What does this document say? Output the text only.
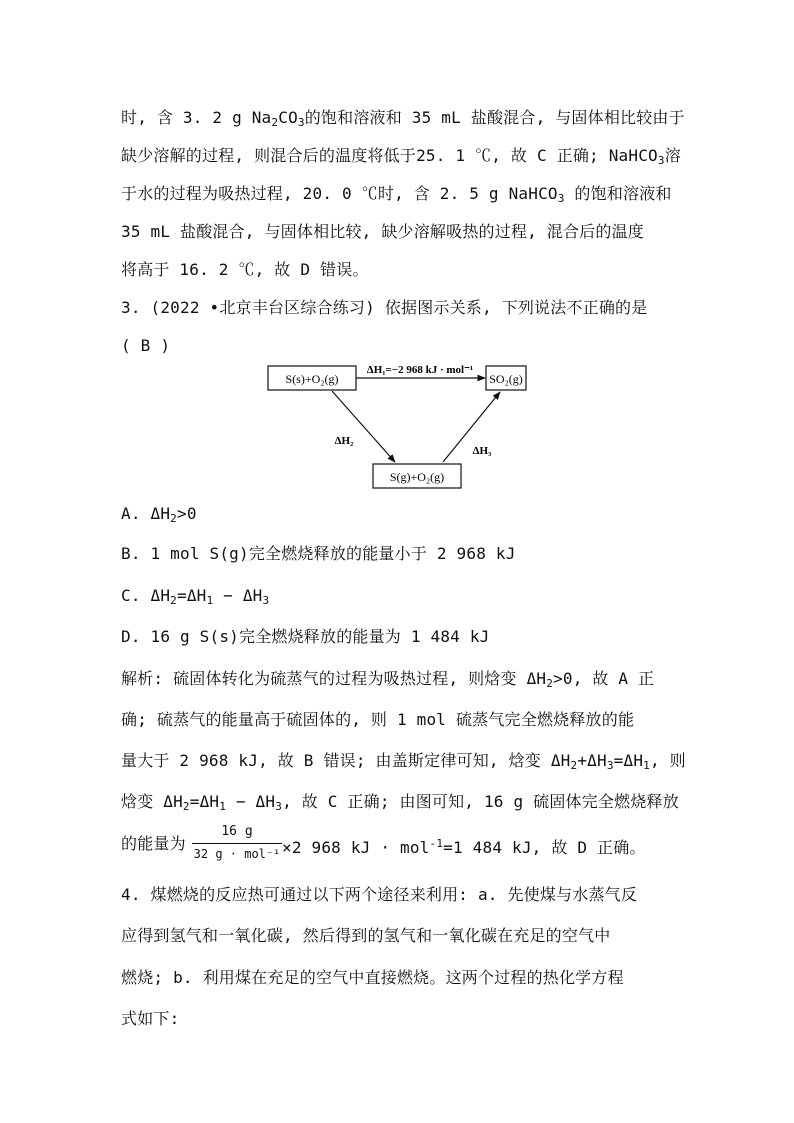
时, 含 3. 2 g $Na_2CO_3$的饱和溶液和 35 mL 盐酸混合, 与固体相比较由于
缺少溶解的过程, 则混合后的温度将低于25. 1 ℃, 故 C 正确; NaHCO$_3$溶
于水的过程为吸热过程, 20. 0 ℃时, 含 2. 5 g NaHCO$_3$ 的饱和溶液和
35 mL 盐酸混合, 与固体相比较, 缺少溶解吸热的过程, 混合后的温度
将高于 16. 2 ℃, 故 D 错误。
3. (2022 •北京丰台区综合练习) 依据图示关系, 下列说法不正确的是
( B )
S(s)+O₂(g)	SO₂(g)
S(g)+O₂(g)
ΔH₁=−2 968 kJ · mol⁻¹
ΔH₂
ΔH₃
A. $\Delta H_2>0$
B. 1 mol S(g)完全燃烧释放的能量小于 2 968 kJ
C. $\Delta H_2=\Delta H_1 - \Delta H_3$
D. 16 g S(s)完全燃烧释放的能量为 1 484 kJ
解析: 硫固体转化为硫蒸气的过程为吸热过程, 则焓变 $\Delta H_2>0$, 故 A 正
确; 硫蒸气的能量高于硫固体的, 则 1 mol 硫蒸气完全燃烧释放的能
量大于 2 968 kJ, 故 B 错误; 由盖斯定律可知, 焓变 $\Delta H_2+\Delta H_3=\Delta H_1$, 则
焓变 $\Delta H_2=\Delta H_1 - \Delta H_3$, 故 C 正确; 由图可知, 16 g 硫固体完全燃烧释放
的能量为
16 g
32 g · mol⁻¹ ×2 968 kJ · mol$^{-1}$=1 484 kJ, 故 D 正确。
4. 煤燃烧的反应热可通过以下两个途径来利用: a. 先使煤与水蒸气反
应得到氢气和一氧化碳, 然后得到的氢气和一氧化碳在充足的空气中
燃烧; b. 利用煤在充足的空气中直接燃烧。这两个过程的热化学方程
式如下:
